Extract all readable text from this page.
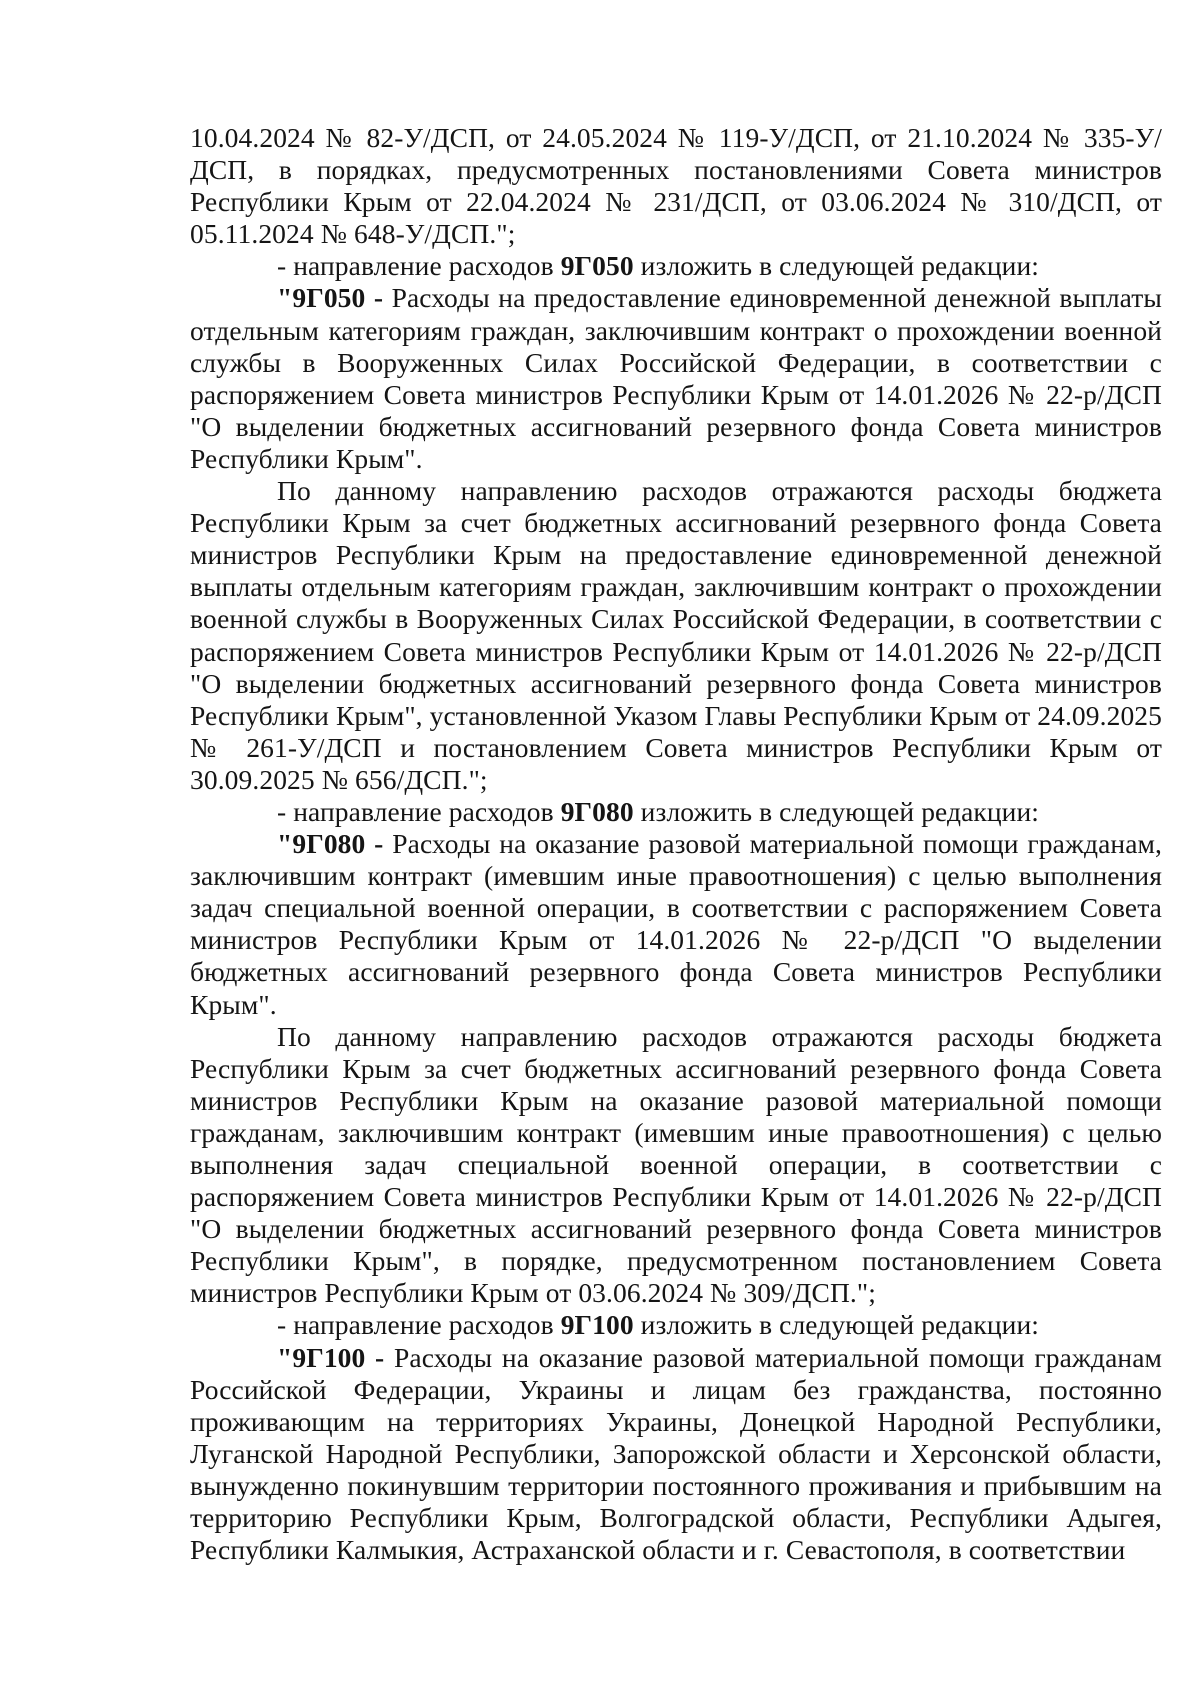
10.04.2024 № 82-У/ДСП, от 24.05.2024 № 119-У/ДСП, от 21.10.2024 № 335-У/ДСП, в порядках, предусмотренных постановлениями Совета министров Республики Крым от 22.04.2024 № 231/ДСП, от 03.06.2024 № 310/ДСП, от 05.11.2024 № 648-У/ДСП.";

- направление расходов 9Г050 изложить в следующей редакции:

"9Г050 - Расходы на предоставление единовременной денежной выплаты отдельным категориям граждан, заключившим контракт о прохождении военной службы в Вооруженных Силах Российской Федерации, в соответствии с распоряжением Совета министров Республики Крым от 14.01.2026 № 22-р/ДСП "О выделении бюджетных ассигнований резервного фонда Совета министров Республики Крым".

По данному направлению расходов отражаются расходы бюджета Республики Крым за счет бюджетных ассигнований резервного фонда Совета министров Республики Крым на предоставление единовременной денежной выплаты отдельным категориям граждан, заключившим контракт о прохождении военной службы в Вооруженных Силах Российской Федерации, в соответствии с распоряжением Совета министров Республики Крым от 14.01.2026 № 22-р/ДСП "О выделении бюджетных ассигнований резервного фонда Совета министров Республики Крым", установленной Указом Главы Республики Крым от 24.09.2025 № 261-У/ДСП и постановлением Совета министров Республики Крым от 30.09.2025 № 656/ДСП.";

- направление расходов 9Г080 изложить в следующей редакции:

"9Г080 - Расходы на оказание разовой материальной помощи гражданам, заключившим контракт (имевшим иные правоотношения) с целью выполнения задач специальной военной операции, в соответствии с распоряжением Совета министров Республики Крым от 14.01.2026 № 22-р/ДСП "О выделении бюджетных ассигнований резервного фонда Совета министров Республики Крым".

По данному направлению расходов отражаются расходы бюджета Республики Крым за счет бюджетных ассигнований резервного фонда Совета министров Республики Крым на оказание разовой материальной помощи гражданам, заключившим контракт (имевшим иные правоотношения) с целью выполнения задач специальной военной операции, в соответствии с распоряжением Совета министров Республики Крым от 14.01.2026 № 22-р/ДСП "О выделении бюджетных ассигнований резервного фонда Совета министров Республики Крым", в порядке, предусмотренном постановлением Совета министров Республики Крым от 03.06.2024 № 309/ДСП.";

- направление расходов 9Г100 изложить в следующей редакции:

"9Г100 - Расходы на оказание разовой материальной помощи гражданам Российской Федерации, Украины и лицам без гражданства, постоянно проживающим на территориях Украины, Донецкой Народной Республики, Луганской Народной Республики, Запорожской области и Херсонской области, вынужденно покинувшим территории постоянного проживания и прибывшим на территорию Республики Крым, Волгоградской области, Республики Адыгея, Республики Калмыкия, Астраханской области и г. Севастополя, в соответствии
